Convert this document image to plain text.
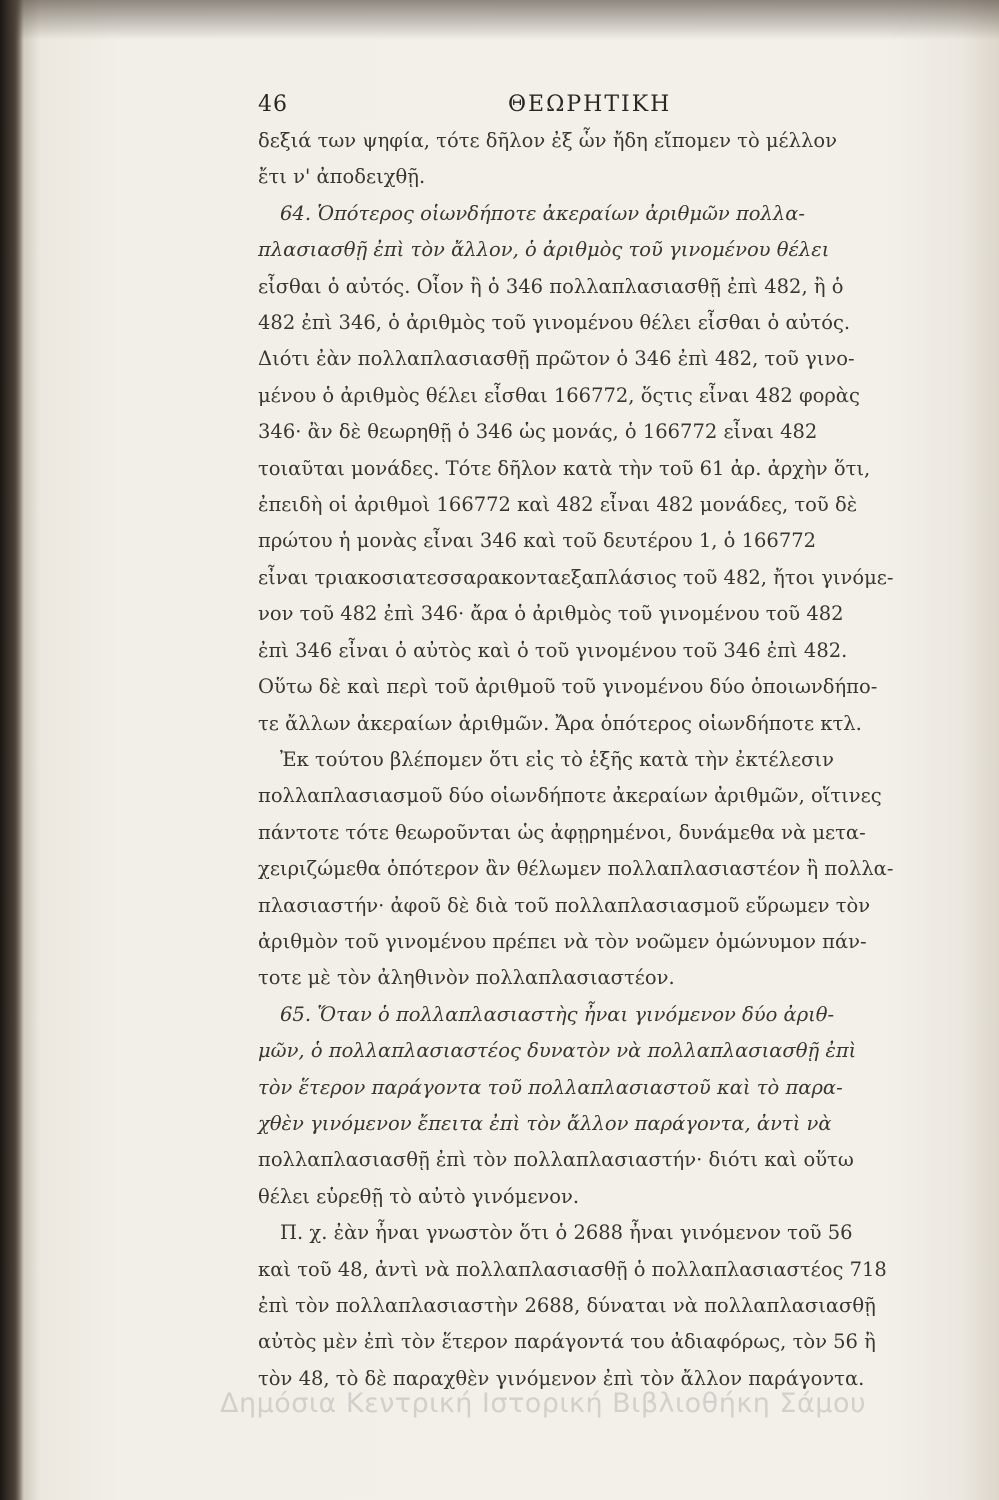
46	ΘΕΩΡΗΤΙΚΗ
δεξιά των ψηφία, τότε δῆλον ἐξ ὧν ἤδη εἴπομεν τὸ μέλλον
ἔτι ν' ἀποδειχθῇ.
64. Ὁπότερος οἱωνδήποτε ἀκεραίων ἀριθμῶν πολλα-
πλασιασθῇ ἐπὶ τὸν ἄλλον, ὁ ἀριθμὸς τοῦ γινομένου θέλει
εἶσθαι ὁ αὐτός. Οἷον ἢ ὁ 346 πολλαπλασιασθῇ ἐπὶ 482, ἢ ὁ
482 ἐπὶ 346, ὁ ἀριθμὸς τοῦ γινομένου θέλει εἶσθαι ὁ αὐτός.
Διότι ἐὰν πολλαπλασιασθῇ πρῶτον ὁ 346 ἐπὶ 482, τοῦ γινο-
μένου ὁ ἀριθμὸς θέλει εἶσθαι 166772, ὅςτις εἶναι 482 φορὰς
346· ἂν δὲ θεωρηθῇ ὁ 346 ὡς μονάς, ὁ 166772 εἶναι 482
τοιαῦται μονάδες. Τότε δῆλον κατὰ τὴν τοῦ 61 ἀρ. ἀρχὴν ὅτι,
ἐπειδὴ οἱ ἀριθμοὶ 166772 καὶ 482 εἶναι 482 μονάδες, τοῦ δὲ
πρώτου ἡ μονὰς εἶναι 346 καὶ τοῦ δευτέρου 1, ὁ 166772
εἶναι τριακοσιατεσσαρακονταεξαπλάσιος τοῦ 482, ἤτοι γινόμε-
νον τοῦ 482 ἐπὶ 346· ἄρα ὁ ἀριθμὸς τοῦ γινομένου τοῦ 482
ἐπὶ 346 εἶναι ὁ αὐτὸς καὶ ὁ τοῦ γινομένου τοῦ 346 ἐπὶ 482.
Οὕτω δὲ καὶ περὶ τοῦ ἀριθμοῦ τοῦ γινομένου δύο ὁποιωνδήπο-
τε ἄλλων ἀκεραίων ἀριθμῶν. Ἄρα ὁπότερος οἱωνδήποτε κτλ.
Ἐκ τούτου βλέπομεν ὅτι εἰς τὸ ἑξῆς κατὰ τὴν ἐκτέλεσιν
πολλαπλασιασμοῦ δύο οἱωνδήποτε ἀκεραίων ἀριθμῶν, οἵτινες
πάντοτε τότε θεωροῦνται ὡς ἀφῃρημένοι, δυνάμεθα νὰ μετα-
χειριζώμεθα ὁπότερον ἂν θέλωμεν πολλαπλασιαστέον ἢ πολλα-
πλασιαστήν· ἀφοῦ δὲ διὰ τοῦ πολλαπλασιασμοῦ εὕρωμεν τὸν
ἀριθμὸν τοῦ γινομένου πρέπει νὰ τὸν νοῶμεν ὁμώνυμον πάν-
τοτε μὲ τὸν ἀληθινὸν πολλαπλασιαστέον.
65. Ὅταν ὁ πολλαπλασιαστὴς ἦναι γινόμενον δύο ἀριθ-
μῶν, ὁ πολλαπλασιαστέος δυνατὸν νὰ πολλαπλασιασθῇ ἐπὶ
τὸν ἕτερον παράγοντα τοῦ πολλαπλασιαστοῦ καὶ τὸ παρα-
χθὲν γινόμενον ἔπειτα ἐπὶ τὸν ἄλλον παράγοντα, ἀντὶ νὰ
πολλαπλασιασθῇ ἐπὶ τὸν πολλαπλασιαστήν· διότι καὶ οὕτω
θέλει εὑρεθῇ τὸ αὐτὸ γινόμενον.
Π. χ. ἐὰν ἦναι γνωστὸν ὅτι ὁ 2688 ἦναι γινόμενον τοῦ 56
καὶ τοῦ 48, ἀντὶ νὰ πολλαπλασιασθῇ ὁ πολλαπλασιαστέος 718
ἐπὶ τὸν πολλαπλασιαστὴν 2688, δύναται νὰ πολλαπλασιασθῇ
αὐτὸς μὲν ἐπὶ τὸν ἕτερον παράγοντά του ἀδιαφόρως, τὸν 56 ἢ
τὸν 48, τὸ δὲ παραχθὲν γινόμενον ἐπὶ τὸν ἄλλον παράγοντα.
Δημόσια Κεντρική Ιστορική Βιβλιοθήκη Σάμου
